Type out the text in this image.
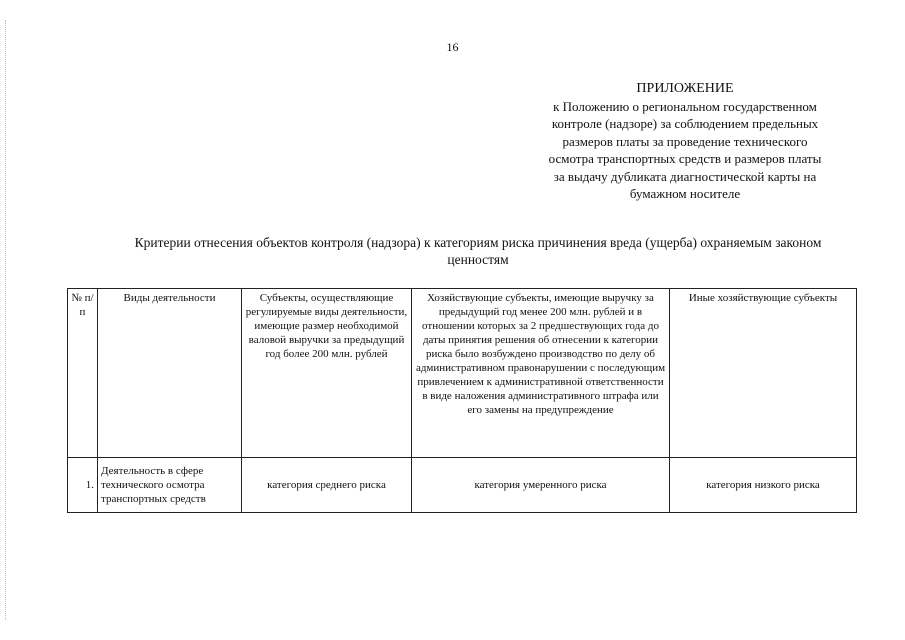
16
ПРИЛОЖЕНИЕ
к Положению о региональном государственном
контроле (надзоре) за соблюдением предельных
размеров платы за проведение технического
осмотра транспортных средств и размеров платы
за выдачу дубликата диагностической карты на
бумажном носителе
Критерии отнесения объектов контроля (надзора) к категориям риска причинения вреда (ущерба) охраняемым законом ценностям
№ п/п	Виды деятельности	Субъекты, осуществляющие регулируемые виды деятельности, имеющие размер необходимой валовой выручки за предыдущий год более 200 млн. рублей	Хозяйствующие субъекты, имеющие выручку за предыдущий год менее 200 млн. рублей и в отношении которых за 2 предшествующих года до даты принятия решения об отнесении к категории риска было возбуждено производство по делу об административном правонарушении с последующим привлечением к административной ответственности в виде наложения административного штрафа или его замены на предупреждение	Иные хозяйствующие субъекты
1.	Деятельность в сфере технического осмотра транспортных средств	категория среднего риска	категория умеренного риска	категория низкого риска
